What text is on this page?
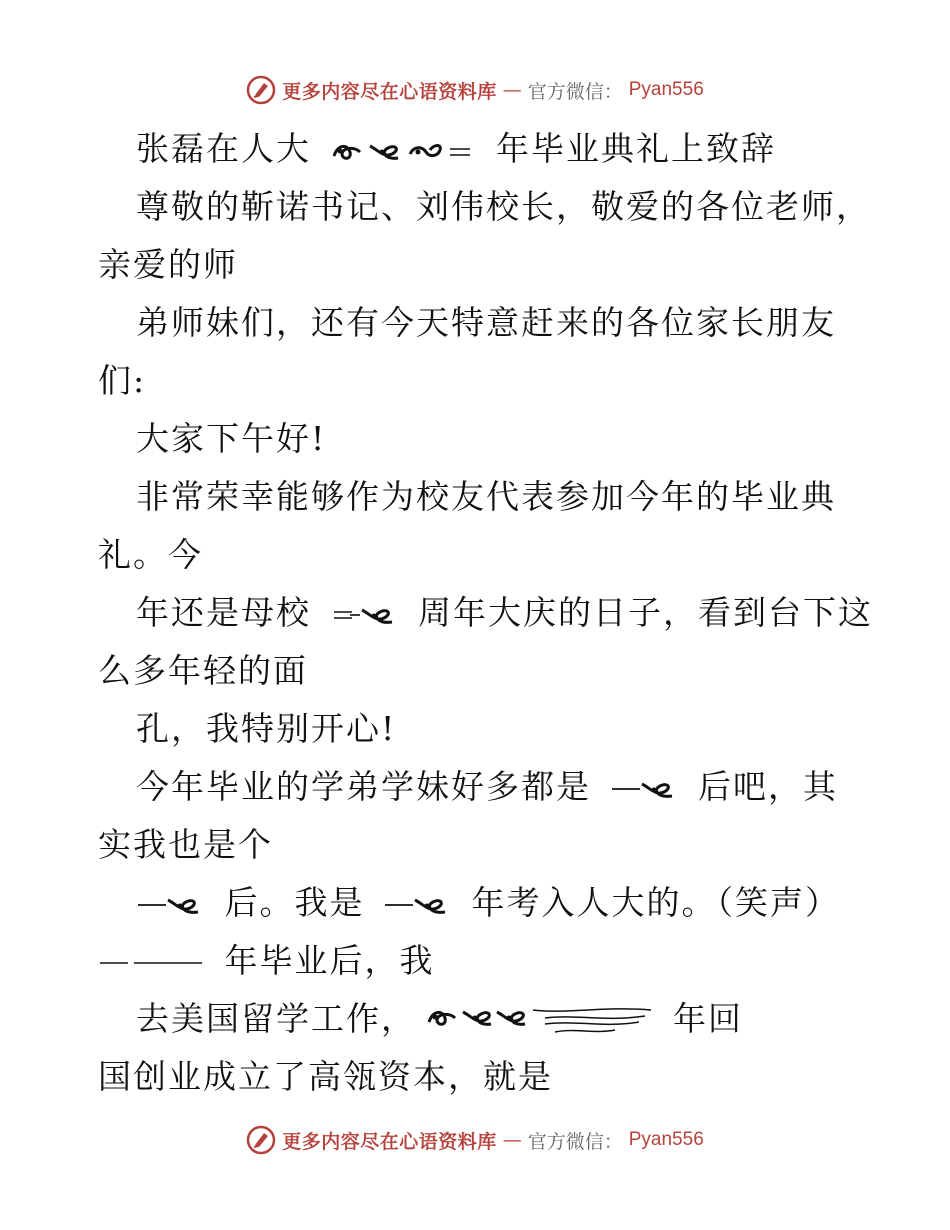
更多内容尽在心语资料库 — 官方微信： Pyan556
张磊在人大	年毕业典礼上致辞
尊敬的靳诺书记、刘伟校长，敬爱的各位老师，
亲爱的师
弟师妹们，还有今天特意赶来的各位家长朋友
们:
大家下午好!
非常荣幸能够作为校友代表参加今年的毕业典
礼。今
年还是母校	周年大庆的日子，看到台下这
么多年轻的面
孔，我特别开心!
今年毕业的学弟学妹好多都是	后吧，其
实我也是个
后。我是	年考入人大的。（笑声）
年毕业后，我
去美国留学工作，	年回
国创业成立了高瓴资本，就是
更多内容尽在心语资料库 — 官方微信： Pyan556
